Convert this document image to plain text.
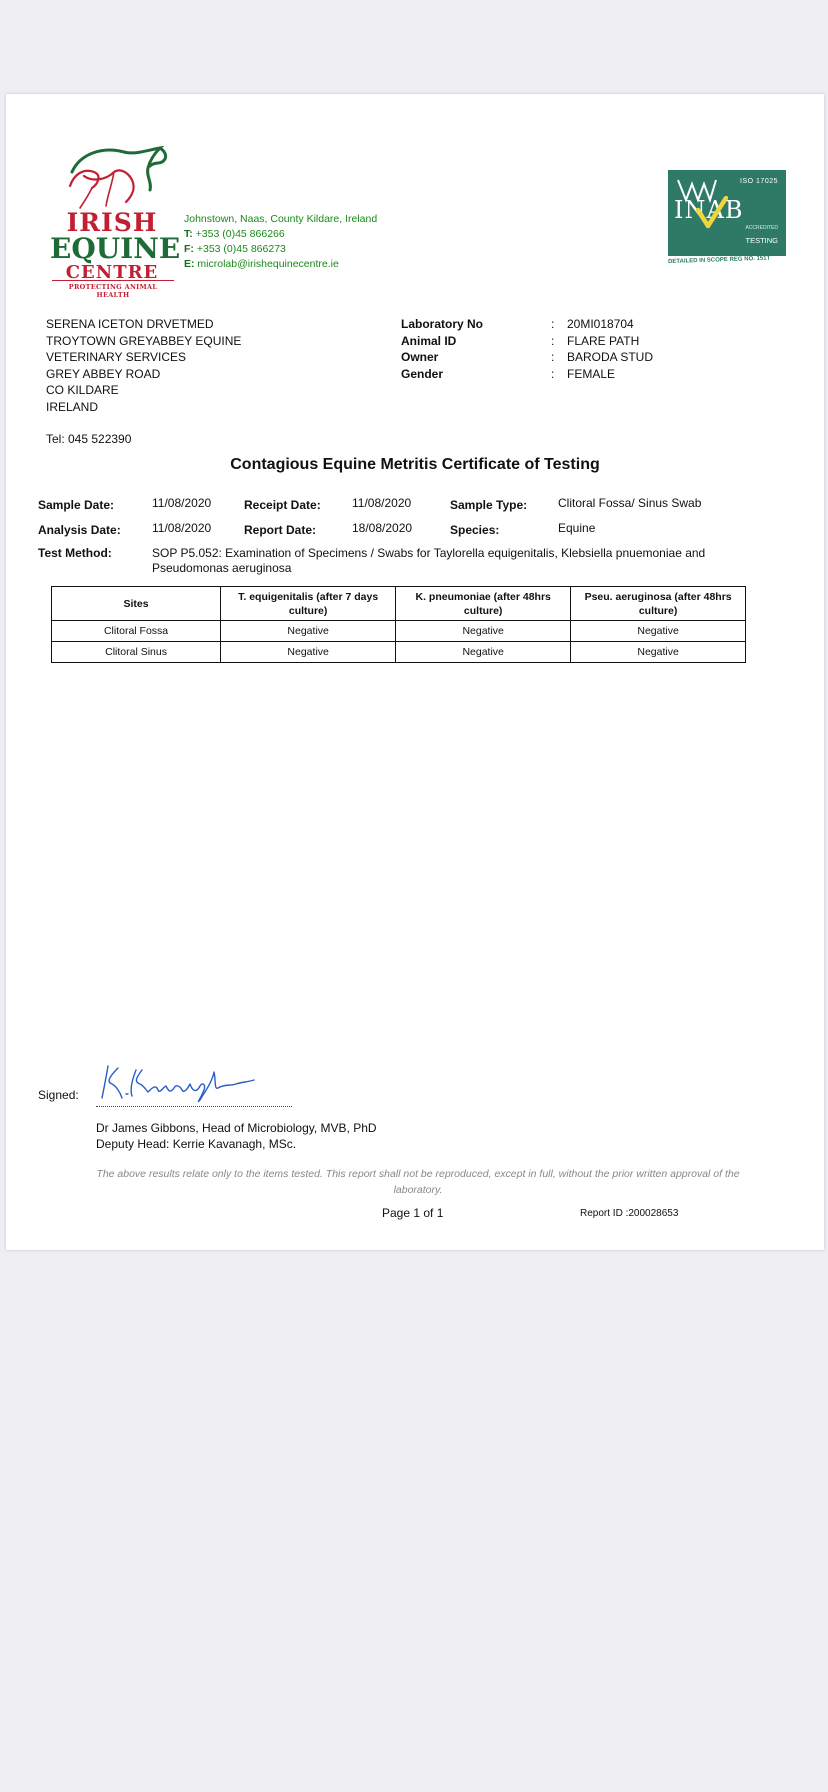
IRISH
EQUINE
CENTRE
PROTECTING ANIMAL HEALTH
Johnstown, Naas, County Kildare, Ireland
T: +353 (0)45 866266
F: +353 (0)45 866273
E: microlab@irishequinecentre.ie
ISO 17025
INAB
ACCREDITED
TESTING
DETAILED IN SCOPE REG NO. 151T
SERENA ICETON DRVETMED
TROYTOWN GREYABBEY EQUINE
VETERINARY SERVICES
GREY ABBEY ROAD
CO KILDARE
IRELAND
Tel: 045 522390
Laboratory No	:	20MI018704
Animal ID	:	FLARE PATH
Owner	:	BARODA STUD
Gender	:	FEMALE
Contagious Equine Metritis Certificate of Testing
Sample Date:	11/08/2020	Receipt Date:	11/08/2020	Sample Type:	Clitoral Fossa/ Sinus Swab
Analysis Date:	11/08/2020	Report Date:	18/08/2020	Species:	Equine
Test Method:	SOP P5.052: Examination of Specimens / Swabs for Taylorella equigenitalis, Klebsiella pnuemoniae and Pseudomonas aeruginosa
Sites	T. equigenitalis (after 7 days culture)	K. pneumoniae (after 48hrs culture)	Pseu. aeruginosa (after 48hrs culture)
Clitoral Fossa	Negative	Negative	Negative
Clitoral Sinus	Negative	Negative	Negative
Signed:
Dr James Gibbons, Head of Microbiology, MVB, PhD
Deputy Head: Kerrie Kavanagh, MSc.
The above results relate only to the items tested. This report shall not be reproduced, except in full, without the prior written approval of the laboratory.
Page 1 of 1	Report ID :200028653
